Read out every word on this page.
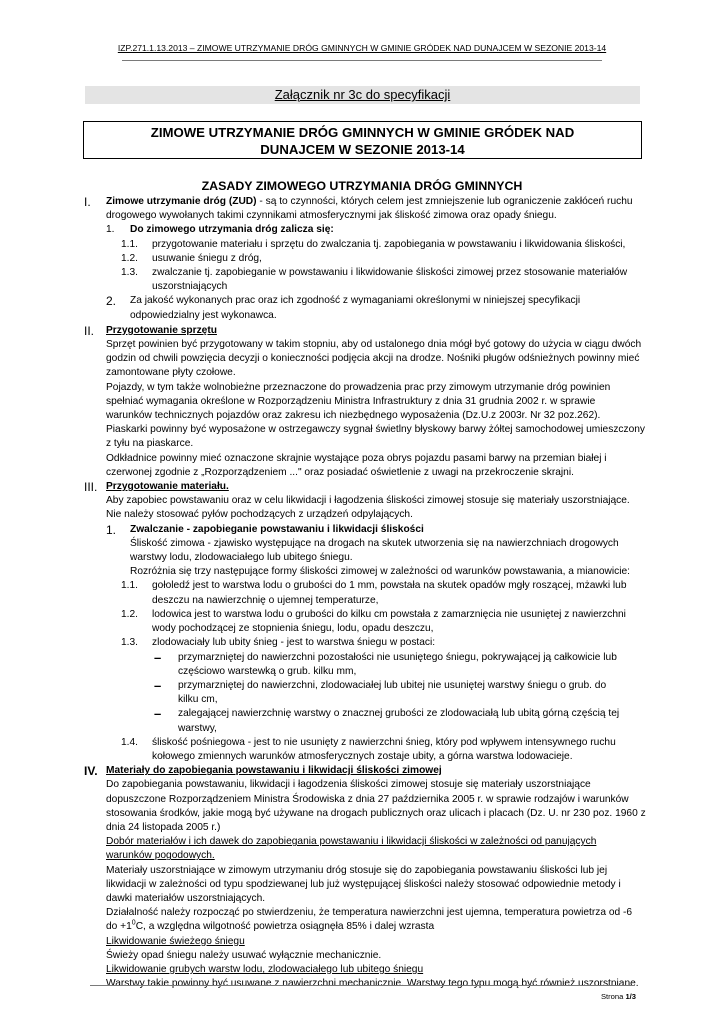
IZP.271.1.13.2013 – ZIMOWE UTRZYMANIE DRÓG GMINNYCH W GMINIE GRÓDEK NAD DUNAJCEM W SEZONIE 2013-14
Załącznik nr 3c do specyfikacji
ZIMOWE UTRZYMANIE DRÓG GMINNYCH W GMINIE GRÓDEK NAD
DUNAJCEM W SEZONIE 2013-14
ZASADY ZIMOWEGO UTRZYMANIA DRÓG GMINNYCH
I. Zimowe utrzymanie dróg (ZUD) - są to czynności, których celem jest zmniejszenie lub ograniczenie zakłóceń ruchu
drogowego wywołanych takimi czynnikami atmosferycznymi jak śliskość zimowa oraz opady śniegu.
1. Do zimowego utrzymania dróg zalicza się:
1.1. przygotowanie materiału i sprzętu do zwalczania tj. zapobiegania w powstawaniu i likwidowania śliskości,
1.2. usuwanie śniegu z dróg,
1.3. zwalczanie tj. zapobieganie w powstawaniu i likwidowanie śliskości zimowej przez stosowanie materiałów
uszorstniających
2. Za jakość wykonanych prac oraz ich zgodność z wymaganiami określonymi w niniejszej specyfikacji
odpowiedzialny jest wykonawca.
II. Przygotowanie sprzętu
Sprzęt powinien być przygotowany w takim stopniu, aby od ustalonego dnia mógł być gotowy do użycia w ciągu dwóch
godzin od chwili powzięcia decyzji o konieczności podjęcia akcji na drodze. Nośniki pługów odśnieżnych powinny mieć
zamontowane płyty czołowe.
Pojazdy, w tym także wolnobieżne przeznaczone do prowadzenia prac przy zimowym utrzymanie dróg powinien
spełniać wymagania określone w Rozporządzeniu Ministra Infrastruktury z dnia 31 grudnia 2002 r. w sprawie
warunków technicznych pojazdów oraz zakresu ich niezbędnego wyposażenia (Dz.U.z 2003r. Nr 32 poz.262).
Piaskarki powinny być wyposażone w ostrzegawczy sygnał świetlny błyskowy barwy żółtej samochodowej umieszczony
z tyłu na piaskarce.
Odkładnice powinny mieć oznaczone skrajnie wystające poza obrys pojazdu pasami barwy na przemian białej i
czerwonej zgodnie z „Rozporządzeniem ..." oraz posiadać oświetlenie z uwagi na przekroczenie skrajni.
III. Przygotowanie materiału.
Aby zapobiec powstawaniu oraz w celu likwidacji i łagodzenia śliskości zimowej stosuje się materiały uszorstniające.
Nie należy stosować pyłów pochodzących z urządzeń odpylających.
1. Zwalczanie - zapobieganie powstawaniu i likwidacji śliskości
Śliskość zimowa - zjawisko występujące na drogach na skutek utworzenia się na nawierzchniach drogowych
warstwy lodu, zlodowaciałego lub ubitego śniegu.
Rozróżnia się trzy następujące formy śliskości zimowej w zależności od warunków powstawania, a mianowicie:
1.1. gołoledź jest to warstwa lodu o grubości do 1 mm, powstała na skutek opadów mgły roszącej, mżawki lub
deszczu na nawierzchnię o ujemnej temperaturze,
1.2. lodowica jest to warstwa lodu o grubości do kilku cm powstała z zamarznięcia nie usuniętej z nawierzchni
wody pochodzącej ze stopnienia śniegu, lodu, opadu deszczu,
1.3. zlodowaciały lub ubity śnieg - jest to warstwa śniegu w postaci:
– przymarzniętej do nawierzchni pozostałości nie usuniętego śniegu, pokrywającej ją całkowicie lub
częściowo warstewką o grub. kilku mm,
– przymarzniętej do nawierzchni, zlodowaciałej lub ubitej nie usuniętej warstwy śniegu o grub. do
kilku cm,
– zalegającej nawierzchnię warstwy o znacznej grubości ze zlodowaciałą lub ubitą górną częścią tej
warstwy,
1.4. śliskość pośniegowa - jest to nie usunięty z nawierzchni śnieg, który pod wpływem intensywnego ruchu
kołowego zmiennych warunków atmosferycznych zostaje ubity, a górna warstwa lodowacieje.
IV. Materiały do zapobiegania powstawaniu i likwidacji śliskości zimowej
Do zapobiegania powstawaniu, likwidacji i łagodzenia śliskości zimowej stosuje się materiały uszorstniające
dopuszczone Rozporządzeniem Ministra Środowiska z dnia 27 października 2005 r. w sprawie rodzajów i warunków
stosowania środków, jakie mogą być używane na drogach publicznych oraz ulicach i placach (Dz. U. nr 230 poz. 1960 z
dnia 24 listopada 2005 r.)
Dobór materiałów i ich dawek do zapobiegania powstawaniu i likwidacji śliskości w zależności od panujących
warunków pogodowych.
Materiały uszorstniające w zimowym utrzymaniu dróg stosuje się do zapobiegania powstawaniu śliskości lub jej
likwidacji w zależności od typu spodziewanej lub już występującej śliskości należy stosować odpowiednie metody i
dawki materiałów uszorstniających.
Działalność należy rozpocząć po stwierdzeniu, że temperatura nawierzchni jest ujemna, temperatura powietrza od -6
do $+1^0C$, a względna wilgotność powietrza osiągnęła 85% i dalej wzrasta
Likwidowanie świeżego śniegu
Świeży opad śniegu należy usuwać wyłącznie mechanicznie.
Likwidowanie grubych warstw lodu, zlodowaciałego lub ubitego śniegu
Warstwy takie powinny być usuwane z nawierzchni mechanicznie. Warstwy tego typu mogą być również uszorstniane.
Strona 1/3
